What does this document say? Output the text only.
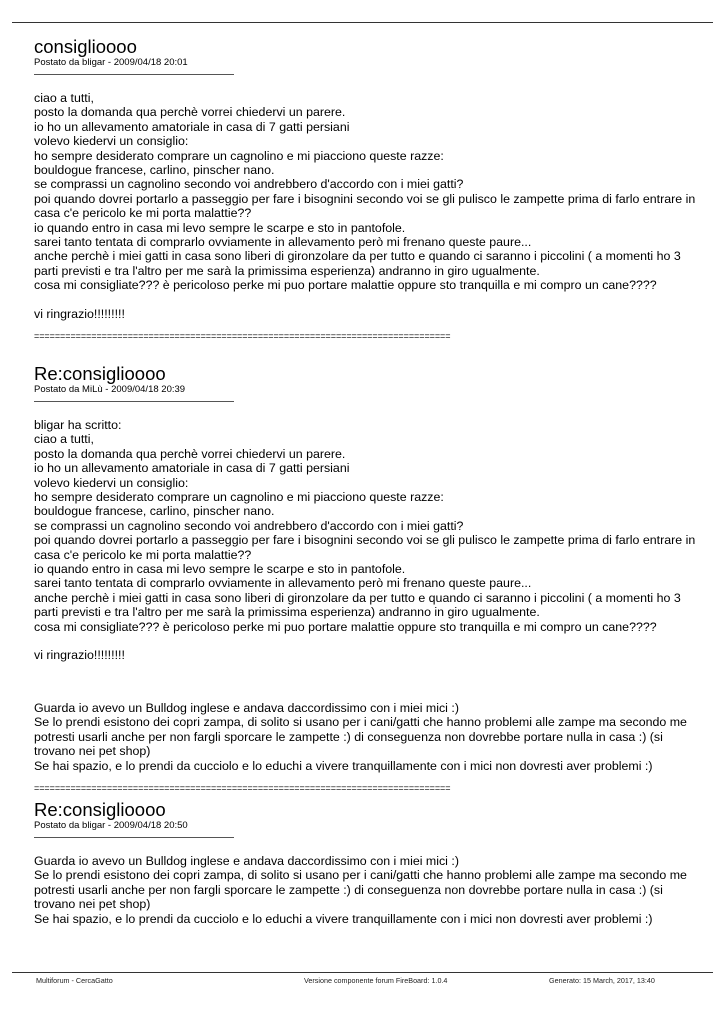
consiglioooo
Postato da bligar - 2009/04/18 20:01
ciao a tutti,
posto la domanda qua perchè vorrei chiedervi un parere.
io ho un allevamento amatoriale in casa di 7 gatti persiani
volevo kiedervi un consiglio:
ho sempre desiderato comprare un cagnolino e mi piacciono queste razze:
bouldogue francese, carlino, pinscher nano.
se comprassi un cagnolino secondo voi andrebbero d'accordo con i miei gatti?
poi quando dovrei portarlo a passeggio per fare i bisognini secondo voi se gli pulisco le zampette prima di farlo entrare in
casa c'e pericolo ke mi porta malattie??
io quando entro in casa mi levo sempre le scarpe e sto in pantofole.
sarei tanto tentata di comprarlo ovviamente in allevamento però mi frenano queste paure...
anche perchè i miei gatti in casa sono liberi di gironzolare da per tutto e quando ci saranno i piccolini ( a momenti ho 3
parti previsti e tra l'altro per me sarà la primissima esperienza) andranno in giro ugualmente.
cosa mi consigliate??? è pericoloso perke mi puo portare malattie oppure sto tranquilla e mi compro un cane????
vi ringrazio!!!!!!!!!
================================================================================
Re:consiglioooo
Postato da MiLù - 2009/04/18 20:39
bligar ha scritto:
ciao a tutti,
posto la domanda qua perchè vorrei chiedervi un parere.
io ho un allevamento amatoriale in casa di 7 gatti persiani
volevo kiedervi un consiglio:
ho sempre desiderato comprare un cagnolino e mi piacciono queste razze:
bouldogue francese, carlino, pinscher nano.
se comprassi un cagnolino secondo voi andrebbero d'accordo con i miei gatti?
poi quando dovrei portarlo a passeggio per fare i bisognini secondo voi se gli pulisco le zampette prima di farlo entrare in
casa c'e pericolo ke mi porta malattie??
io quando entro in casa mi levo sempre le scarpe e sto in pantofole.
sarei tanto tentata di comprarlo ovviamente in allevamento però mi frenano queste paure...
anche perchè i miei gatti in casa sono liberi di gironzolare da per tutto e quando ci saranno i piccolini ( a momenti ho 3
parti previsti e tra l'altro per me sarà la primissima esperienza) andranno in giro ugualmente.
cosa mi consigliate??? è pericoloso perke mi puo portare malattie oppure sto tranquilla e mi compro un cane????
vi ringrazio!!!!!!!!!
Guarda io avevo un Bulldog inglese e andava daccordissimo con i miei mici :)
Se lo prendi esistono dei copri zampa, di solito si usano per i cani/gatti che hanno problemi alle zampe ma secondo me
potresti usarli anche per non fargli sporcare le zampette :) di conseguenza non dovrebbe portare nulla in casa :) (si
trovano nei pet shop)
Se hai spazio, e lo prendi da cucciolo e lo educhi a vivere tranquillamente con i mici non dovresti aver problemi :)
================================================================================
Re:consiglioooo
Postato da bligar - 2009/04/18 20:50
Guarda io avevo un Bulldog inglese e andava daccordissimo con i miei mici :)
Se lo prendi esistono dei copri zampa, di solito si usano per i cani/gatti che hanno problemi alle zampe ma secondo me
potresti usarli anche per non fargli sporcare le zampette :) di conseguenza non dovrebbe portare nulla in casa :) (si
trovano nei pet shop)
Se hai spazio, e lo prendi da cucciolo e lo educhi a vivere tranquillamente con i mici non dovresti aver problemi :)
Multiforum - CercaGatto	Versione componente forum FireBoard: 1.0.4	Generato: 15 March, 2017, 13:40
